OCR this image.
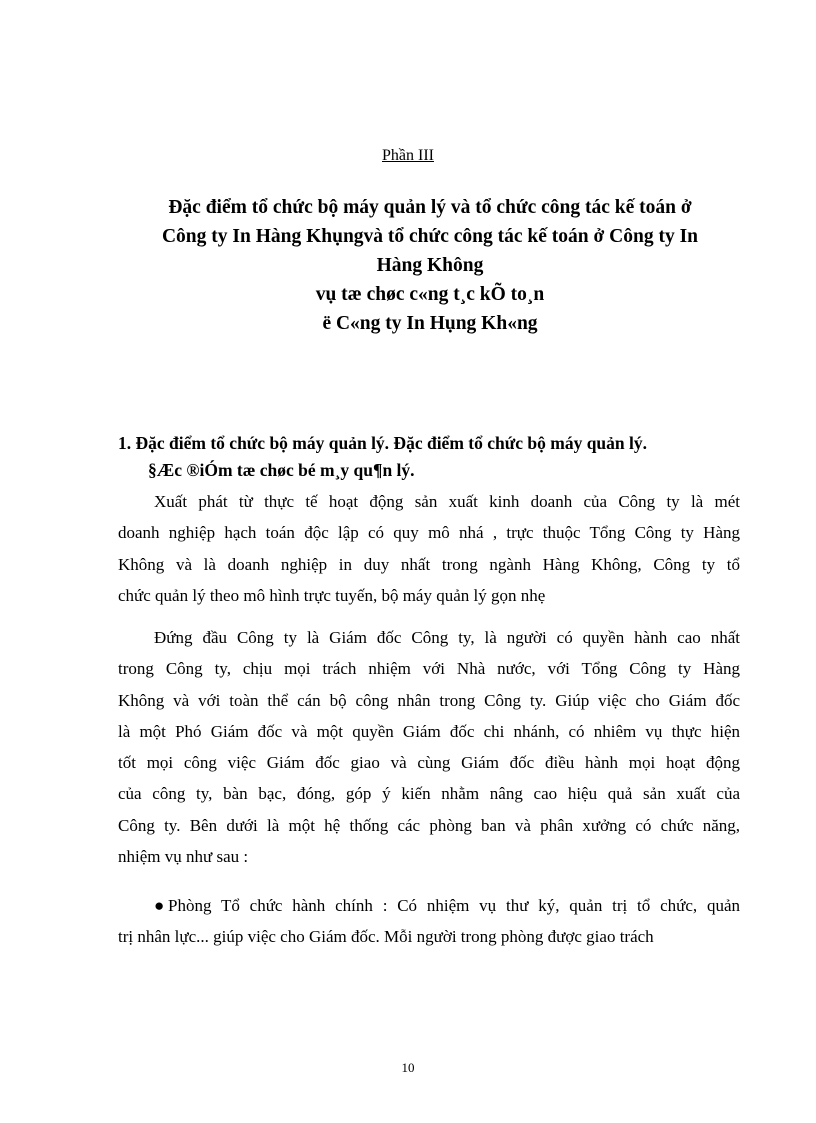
Phần III
Đặc điểm tổ chức bộ máy quản lý và tổ chức công tác kế toán ở
Công ty In Hàng Khụngvà tổ chức công tác kế toán ở Công ty In
Hàng Không
vụ tæ chøc c«ng t¸c kÕ to¸n
ë C«ng ty In Hụng Kh«ng
1. Đặc điểm tổ chức bộ máy quản lý. Đặc điểm tổ chức bộ máy quản lý.
§Æc ®iÓm tæ chøc bé m¸y qu¶n lý.
Xuất phát từ thực tế hoạt động sản xuất kinh doanh của Công ty là mét
doanh nghiệp hạch toán độc lập có quy mô nhá , trực thuộc Tổng Công ty Hàng
Không và là doanh nghiệp in duy nhất trong ngành Hàng Không, Công ty tổ
chức quản lý theo mô hình trực tuyến, bộ máy quản lý gọn nhẹ
Đứng đầu Công ty là Giám đốc Công ty, là người có quyền hành cao nhất
trong Công ty, chịu mọi trách nhiệm với Nhà nước, với Tổng Công ty Hàng
Không và với toàn thể cán bộ công nhân trong Công ty. Giúp việc cho Giám đốc
là một Phó Giám đốc và một quyền Giám đốc chi nhánh, có nhiêm vụ thực hiện
tốt mọi công việc Giám đốc giao và cùng Giám đốc điều hành mọi hoạt động
của công ty, bàn bạc, đóng, góp ý kiến nhằm nâng cao hiệu quả sản xuất của
Công ty. Bên dưới là một hệ thống các phòng ban và phân xưởng có chức năng,
nhiệm vụ như sau :
● Phòng Tổ chức hành chính : Có nhiệm vụ thư ký, quản trị tổ chức, quản
trị nhân lực... giúp việc cho Giám đốc. Mỗi người trong phòng được giao trách
10
